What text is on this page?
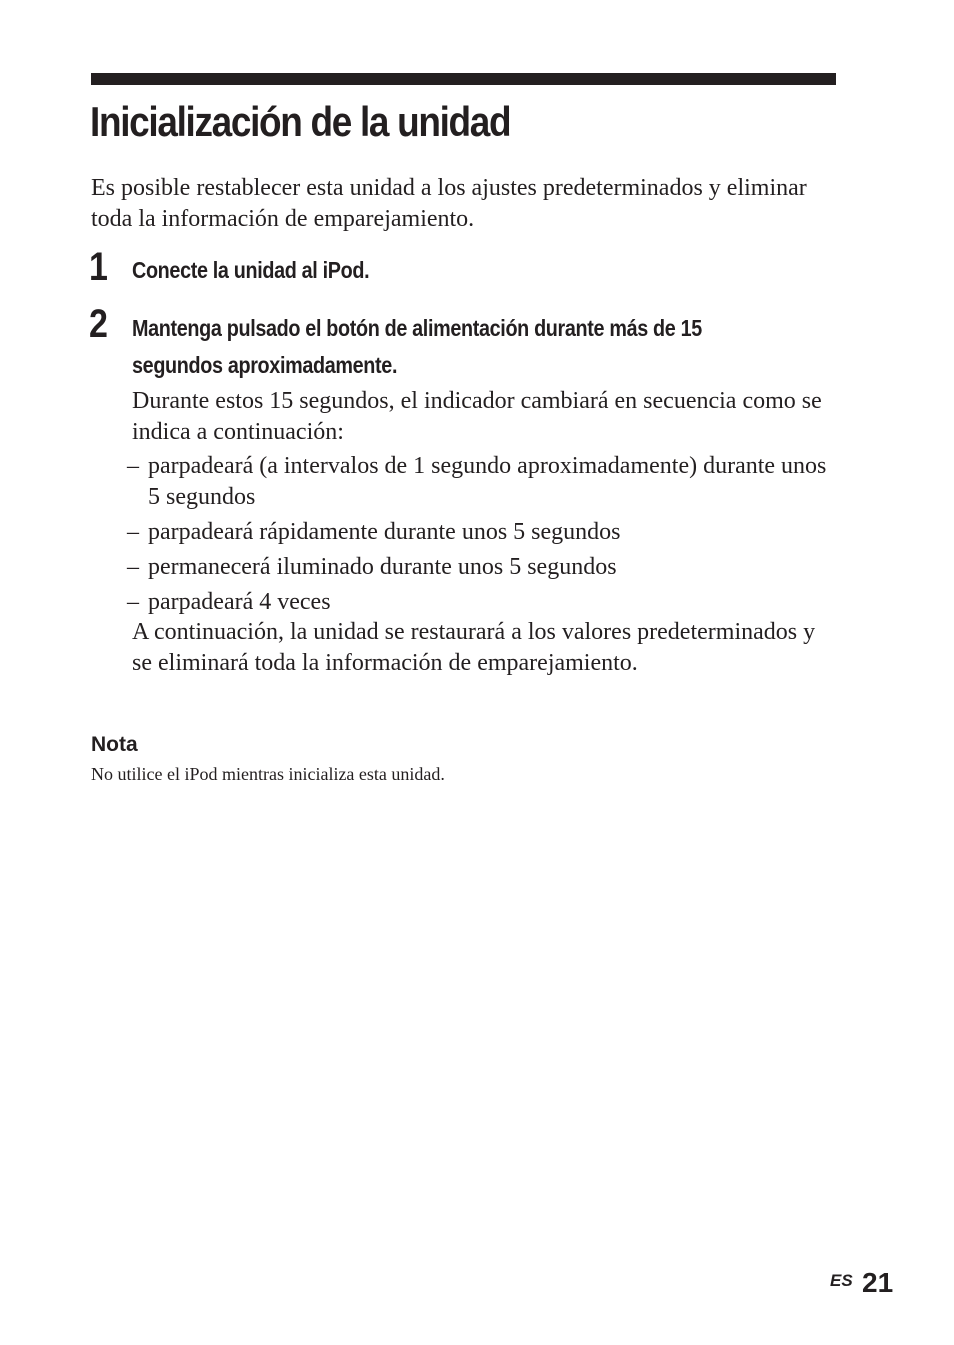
Inicialización de la unidad

Es posible restablecer esta unidad a los ajustes predeterminados y eliminar toda la información de emparejamiento.

1 Conecte la unidad al iPod.

2 Mantenga pulsado el botón de alimentación durante más de 15

segundos aproximadamente.

Durante estos 15 segundos, el indicador cambiará en secuencia como se indica a continuación:

– parpadeará (a intervalos de 1 segundo aproximadamente) durante unos 5 segundos
– parpadeará rápidamente durante unos 5 segundos
– permanecerá iluminado durante unos 5 segundos
– parpadeará 4 veces

A continuación, la unidad se restaurará a los valores predeterminados y se eliminará toda la información de emparejamiento.

Nota

No utilice el iPod mientras inicializa esta unidad.

ES 21
